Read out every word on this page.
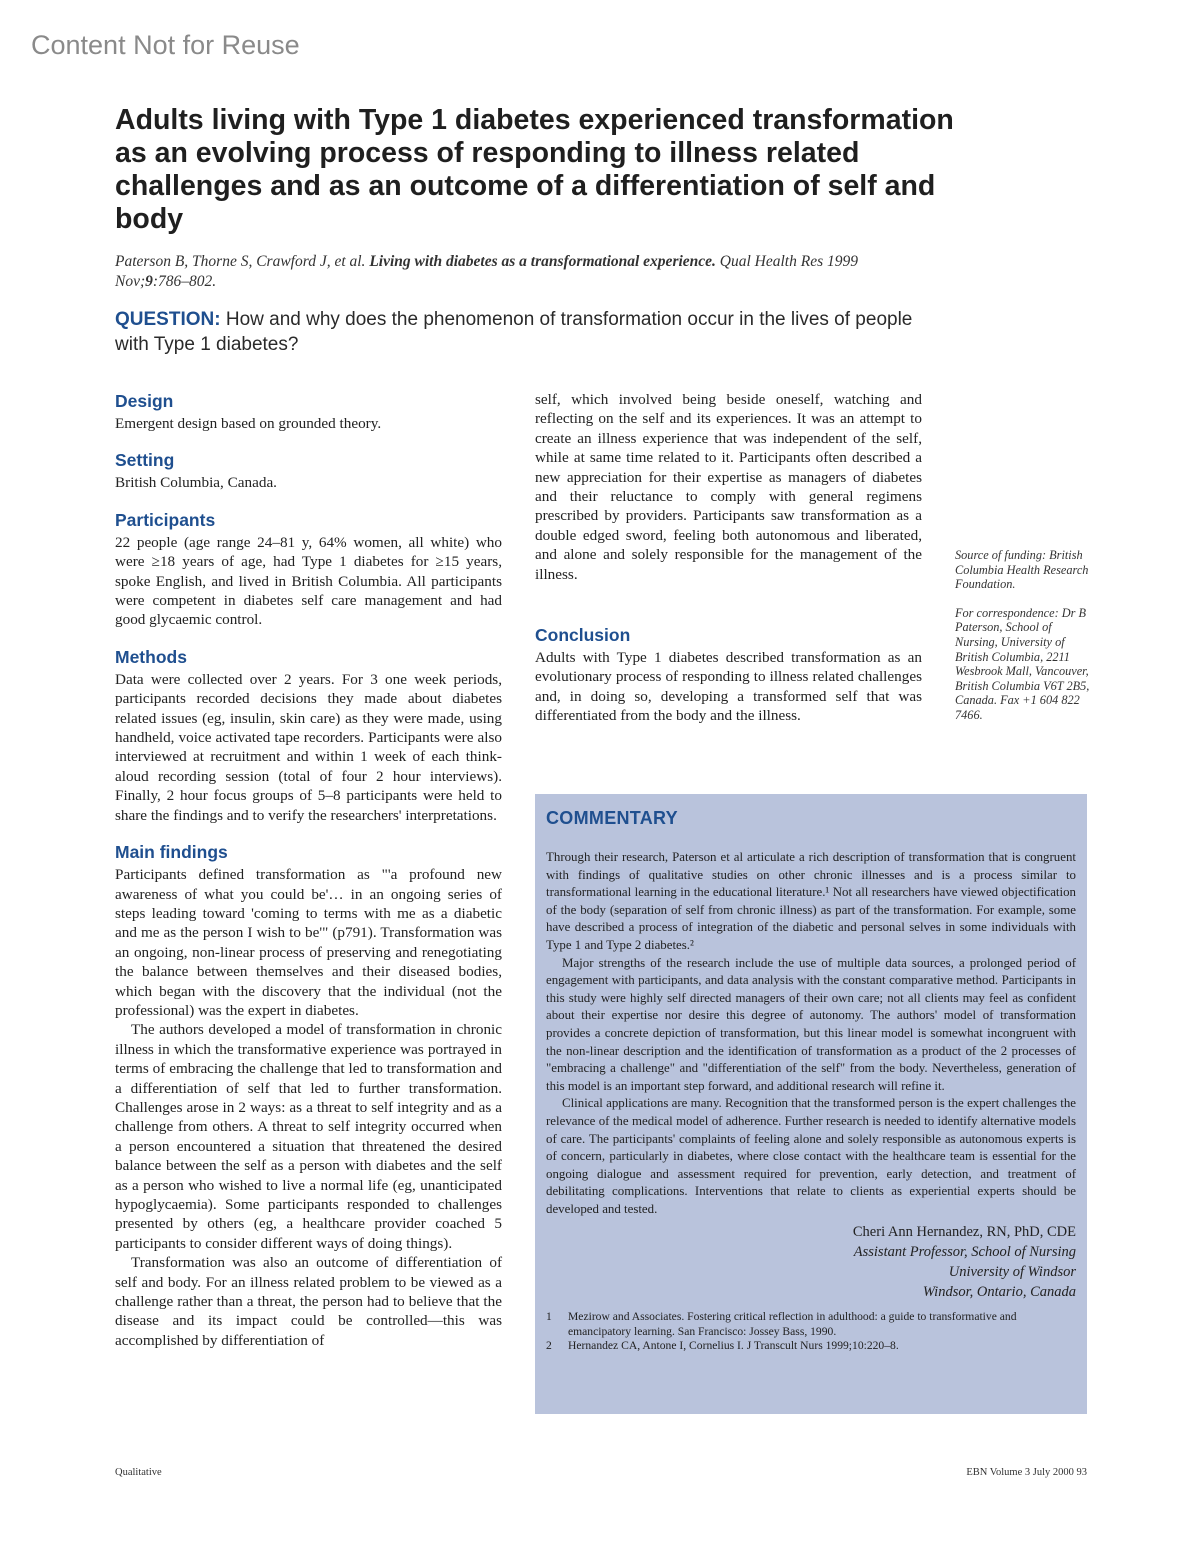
Content Not for Reuse
Adults living with Type 1 diabetes experienced transformation as an evolving process of responding to illness related challenges and as an outcome of a differentiation of self and body
Paterson B, Thorne S, Crawford J, et al. Living with diabetes as a transformational experience. Qual Health Res 1999 Nov;9:786–802.
QUESTION: How and why does the phenomenon of transformation occur in the lives of people with Type 1 diabetes?
Design

Emergent design based on grounded theory.

Setting

British Columbia, Canada.

Participants

22 people (age range 24–81 y, 64% women, all white) who were ≥18 years of age, had Type 1 diabetes for ≥15 years, spoke English, and lived in British Columbia. All participants were competent in diabetes self care management and had good glycaemic control.

Methods

Data were collected over 2 years. For 3 one week periods, participants recorded decisions they made about diabetes related issues (eg, insulin, skin care) as they were made, using handheld, voice activated tape recorders. Participants were also interviewed at recruitment and within 1 week of each think-aloud recording session (total of four 2 hour interviews). Finally, 2 hour focus groups of 5–8 participants were held to share the findings and to verify the researchers' interpretations.

Main findings

Participants defined transformation as "'a profound new awareness of what you could be'… in an ongoing series of steps leading toward 'coming to terms with me as a diabetic and me as the person I wish to be'" (p791). Transformation was an ongoing, non-linear process of preserving and renegotiating the balance between themselves and their diseased bodies, which began with the discovery that the individual (not the professional) was the expert in diabetes.

The authors developed a model of transformation in chronic illness in which the transformative experience was portrayed in terms of embracing the challenge that led to transformation and a differentiation of self that led to further transformation. Challenges arose in 2 ways: as a threat to self integrity and as a challenge from others. A threat to self integrity occurred when a person encountered a situation that threatened the desired balance between the self as a person with diabetes and the self as a person who wished to live a normal life (eg, unanticipated hypoglycaemia). Some participants responded to challenges presented by others (eg, a healthcare provider coached 5 participants to consider different ways of doing things).

Transformation was also an outcome of differentiation of self and body. For an illness related problem to be viewed as a challenge rather than a threat, the person had to believe that the disease and its impact could be controlled—this was accomplished by differentiation of

self, which involved being beside oneself, watching and reflecting on the self and its experiences. It was an attempt to create an illness experience that was independent of the self, while at same time related to it. Participants often described a new appreciation for their expertise as managers of diabetes and their reluctance to comply with general regimens prescribed by providers. Participants saw transformation as a double edged sword, feeling both autonomous and liberated, and alone and solely responsible for the management of the illness.

Conclusion

Adults with Type 1 diabetes described transformation as an evolutionary process of responding to illness related challenges and, in doing so, developing a transformed self that was differentiated from the body and the illness.

Source of funding: British Columbia Health Research Foundation.

For correspondence: Dr B Paterson, School of Nursing, University of British Columbia, 2211 Wesbrook Mall, Vancouver, British Columbia V6T 2B5, Canada. Fax +1 604 822 7466.

COMMENTARY

Through their research, Paterson et al articulate a rich description of transformation that is congruent with findings of qualitative studies on other chronic illnesses and is a process similar to transformational learning in the educational literature.¹ Not all researchers have viewed objectification of the body (separation of self from chronic illness) as part of the transformation. For example, some have described a process of integration of the diabetic and personal selves in some individuals with Type 1 and Type 2 diabetes.²

Major strengths of the research include the use of multiple data sources, a prolonged period of engagement with participants, and data analysis with the constant comparative method. Participants in this study were highly self directed managers of their own care; not all clients may feel as confident about their expertise nor desire this degree of autonomy. The authors' model of transformation provides a concrete depiction of transformation, but this linear model is somewhat incongruent with the non-linear description and the identification of transformation as a product of the 2 processes of "embracing a challenge" and "differentiation of the self" from the body. Nevertheless, generation of this model is an important step forward, and additional research will refine it.

Clinical applications are many. Recognition that the transformed person is the expert challenges the relevance of the medical model of adherence. Further research is needed to identify alternative models of care. The participants' complaints of feeling alone and solely responsible as autonomous experts is of concern, particularly in diabetes, where close contact with the healthcare team is essential for the ongoing dialogue and assessment required for prevention, early detection, and treatment of debilitating complications. Interventions that relate to clients as experiential experts should be developed and tested.

Cheri Ann Hernandez, RN, PhD, CDE
Assistant Professor, School of Nursing
University of Windsor
Windsor, Ontario, Canada
1	Mezirow and Associates. Fostering critical reflection in adulthood: a guide to transformative and emancipatory learning. San Francisco: Jossey Bass, 1990.
2	Hernandez CA, Antone I, Cornelius I. J Transcult Nurs 1999;10:220–8.
Qualitative	EBN Volume 3 July 2000 93
